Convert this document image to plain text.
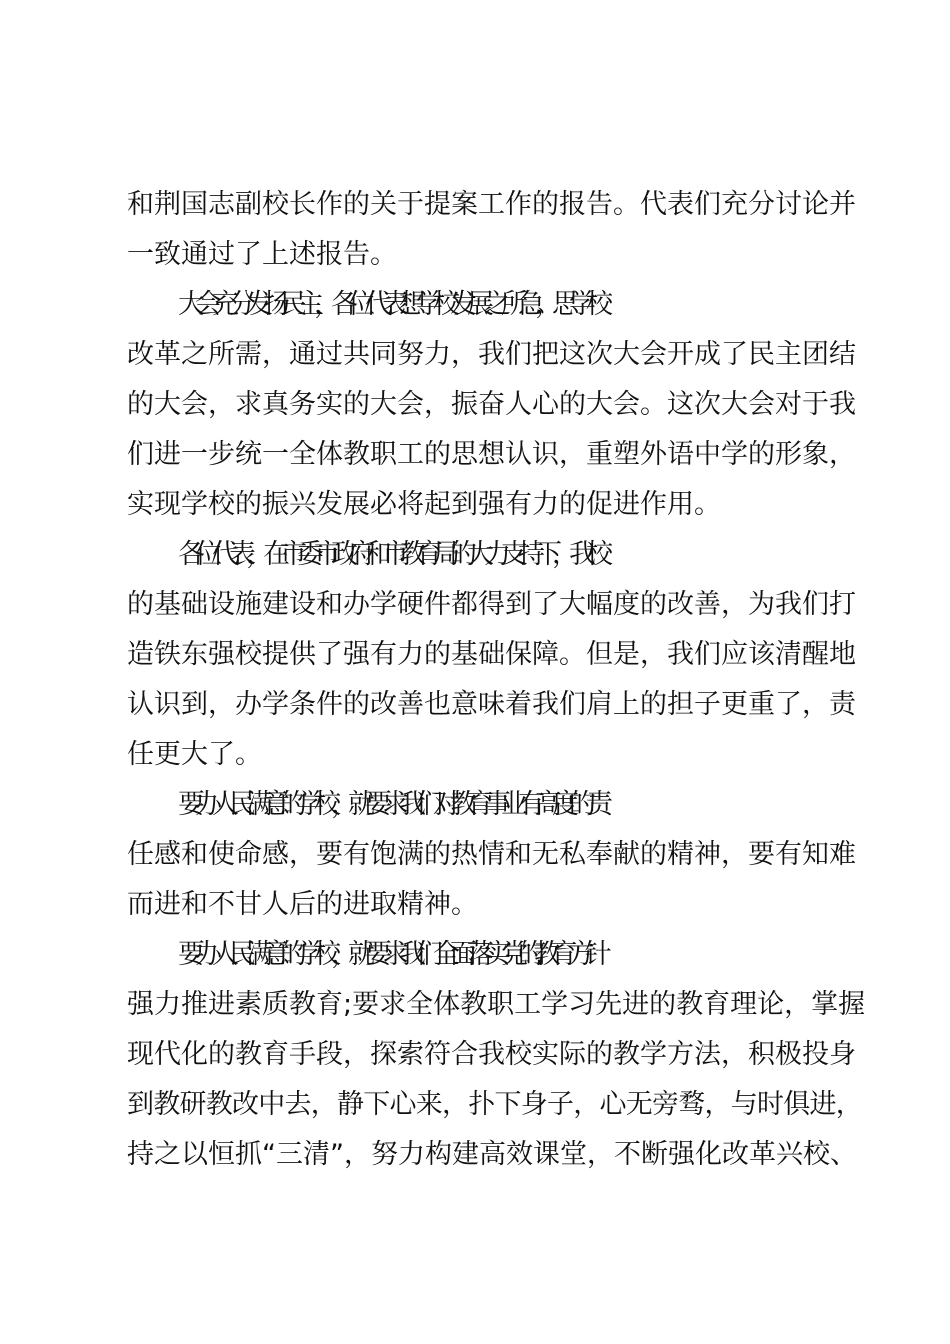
和荆国志副校长作的关于提案工作的报告。代表们充分讨论并
一致通过了上述报告。
大会充分发扬民主，各位代表想学校发展之所急，思学校
改革之所需，通过共同努力，我们把这次大会开成了民主团结
的大会，求真务实的大会，振奋人心的大会。这次大会对于我
们进一步统一全体教职工的思想认识，重塑外语中学的形象，
实现学校的振兴发展必将起到强有力的促进作用。
各位代表，在市委市政府和市教育局的大力支持下，我校
的基础设施建设和办学硬件都得到了大幅度的改善，为我们打
造铁东强校提供了强有力的基础保障。但是，我们应该清醒地
认识到，办学条件的改善也意味着我们肩上的担子更重了，责
任更大了。
要办人民满意的学校，就要求我们对教育事业有高度的责
任感和使命感，要有饱满的热情和无私奉献的精神，要有知难
而进和不甘人后的进取精神。
要办人民满意的学校，就要求我们全面落实党的.教育方针
强力推进素质教育;要求全体教职工学习先进的教育理论，掌握
现代化的教育手段，探索符合我校实际的教学方法，积极投身
到教研教改中去，静下心来，扑下身子，心无旁骛，与时俱进，
持之以恒抓“三清”，努力构建高效课堂，不断强化改革兴校、
